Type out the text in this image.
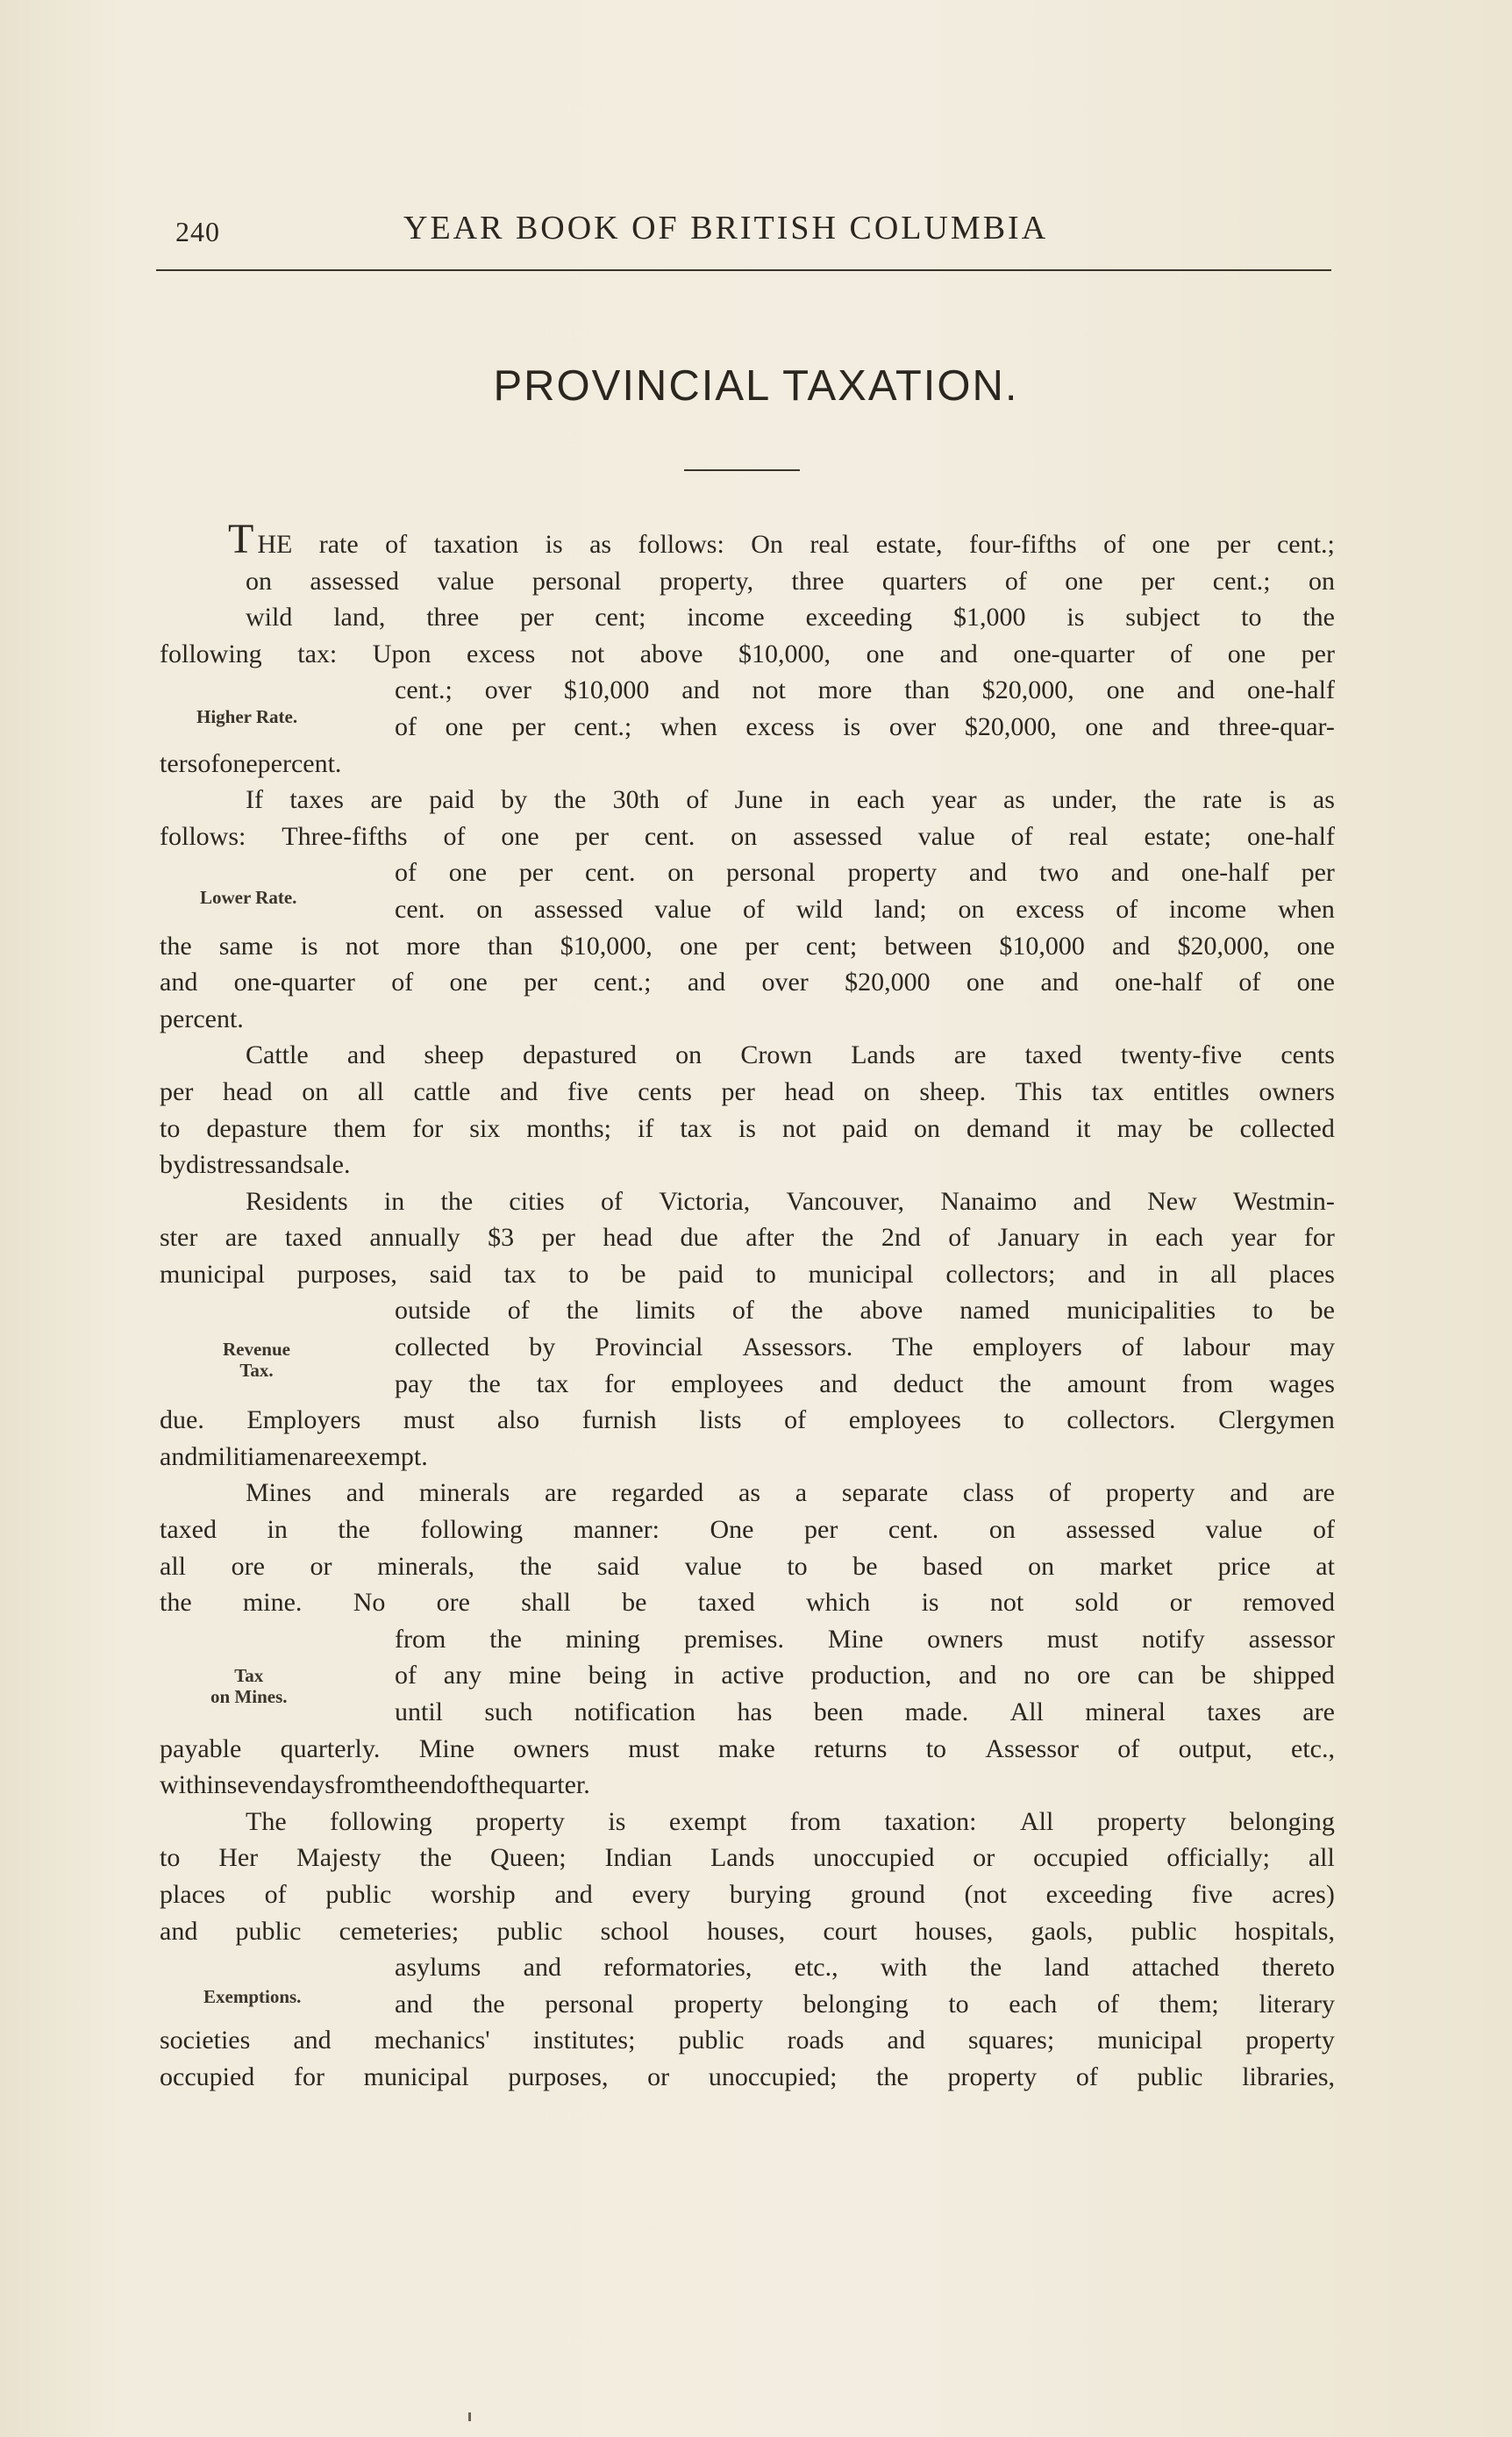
240	YEAR BOOK OF BRITISH COLUMBIA
PROVINCIAL TAXATION.
THE rate of taxation is as follows: On real estate, four-fifths of one per cent.;
on assessed value personal property, three quarters of one per cent.; on
wild land, three per cent; income exceeding $1,000 is subject to the
following tax: Upon excess not above $10,000, one and one-quarter of one per
cent.; over $10,000 and not more than $20,000, one and one-half
of one per cent.; when excess is over $20,000, one and three-quar-
ters of one per cent.
If taxes are paid by the 30th of June in each year as under, the rate is as
follows: Three-fifths of one per cent. on assessed value of real estate; one-half
of one per cent. on personal property and two and one-half per
cent. on assessed value of wild land; on excess of income when
the same is not more than $10,000, one per cent; between $10,000 and $20,000, one
and one-quarter of one per cent.; and over $20,000 one and one-half of one
per cent.
Cattle and sheep depastured on Crown Lands are taxed twenty-five cents
per head on all cattle and five cents per head on sheep. This tax entitles owners
to depasture them for six months; if tax is not paid on demand it may be collected
by distress and sale.
Residents in the cities of Victoria, Vancouver, Nanaimo and New Westmin-
ster are taxed annually $3 per head due after the 2nd of January in each year for
municipal purposes, said tax to be paid to municipal collectors; and in all places
outside of the limits of the above named municipalities to be
collected by Provincial Assessors. The employers of labour may
pay the tax for employees and deduct the amount from wages
due. Employers must also furnish lists of employees to collectors. Clergymen
and militiamen are exempt.
Mines and minerals are regarded as a separate class of property and are
taxed in the following manner: One per cent. on assessed value of
all ore or minerals, the said value to be based on market price at
the mine. No ore shall be taxed which is not sold or removed
from the mining premises. Mine owners must notify assessor
of any mine being in active production, and no ore can be shipped
until such notification has been made. All mineral taxes are
payable quarterly. Mine owners must make returns to Assessor of output, etc.,
within seven days from the end of the quarter.
The following property is exempt from taxation: All property belonging
to Her Majesty the Queen; Indian Lands unoccupied or occupied officially; all
places of public worship and every burying ground (not exceeding five acres)
and public cemeteries; public school houses, court houses, gaols, public hospitals,
asylums and reformatories, etc., with the land attached thereto
and the personal property belonging to each of them; literary
societies and mechanics' institutes; public roads and squares; municipal property
occupied for municipal purposes, or unoccupied; the property of public libraries,
Higher Rate.
Lower Rate.
Revenue
Tax.
Tax
on Mines.
Exemptions.
